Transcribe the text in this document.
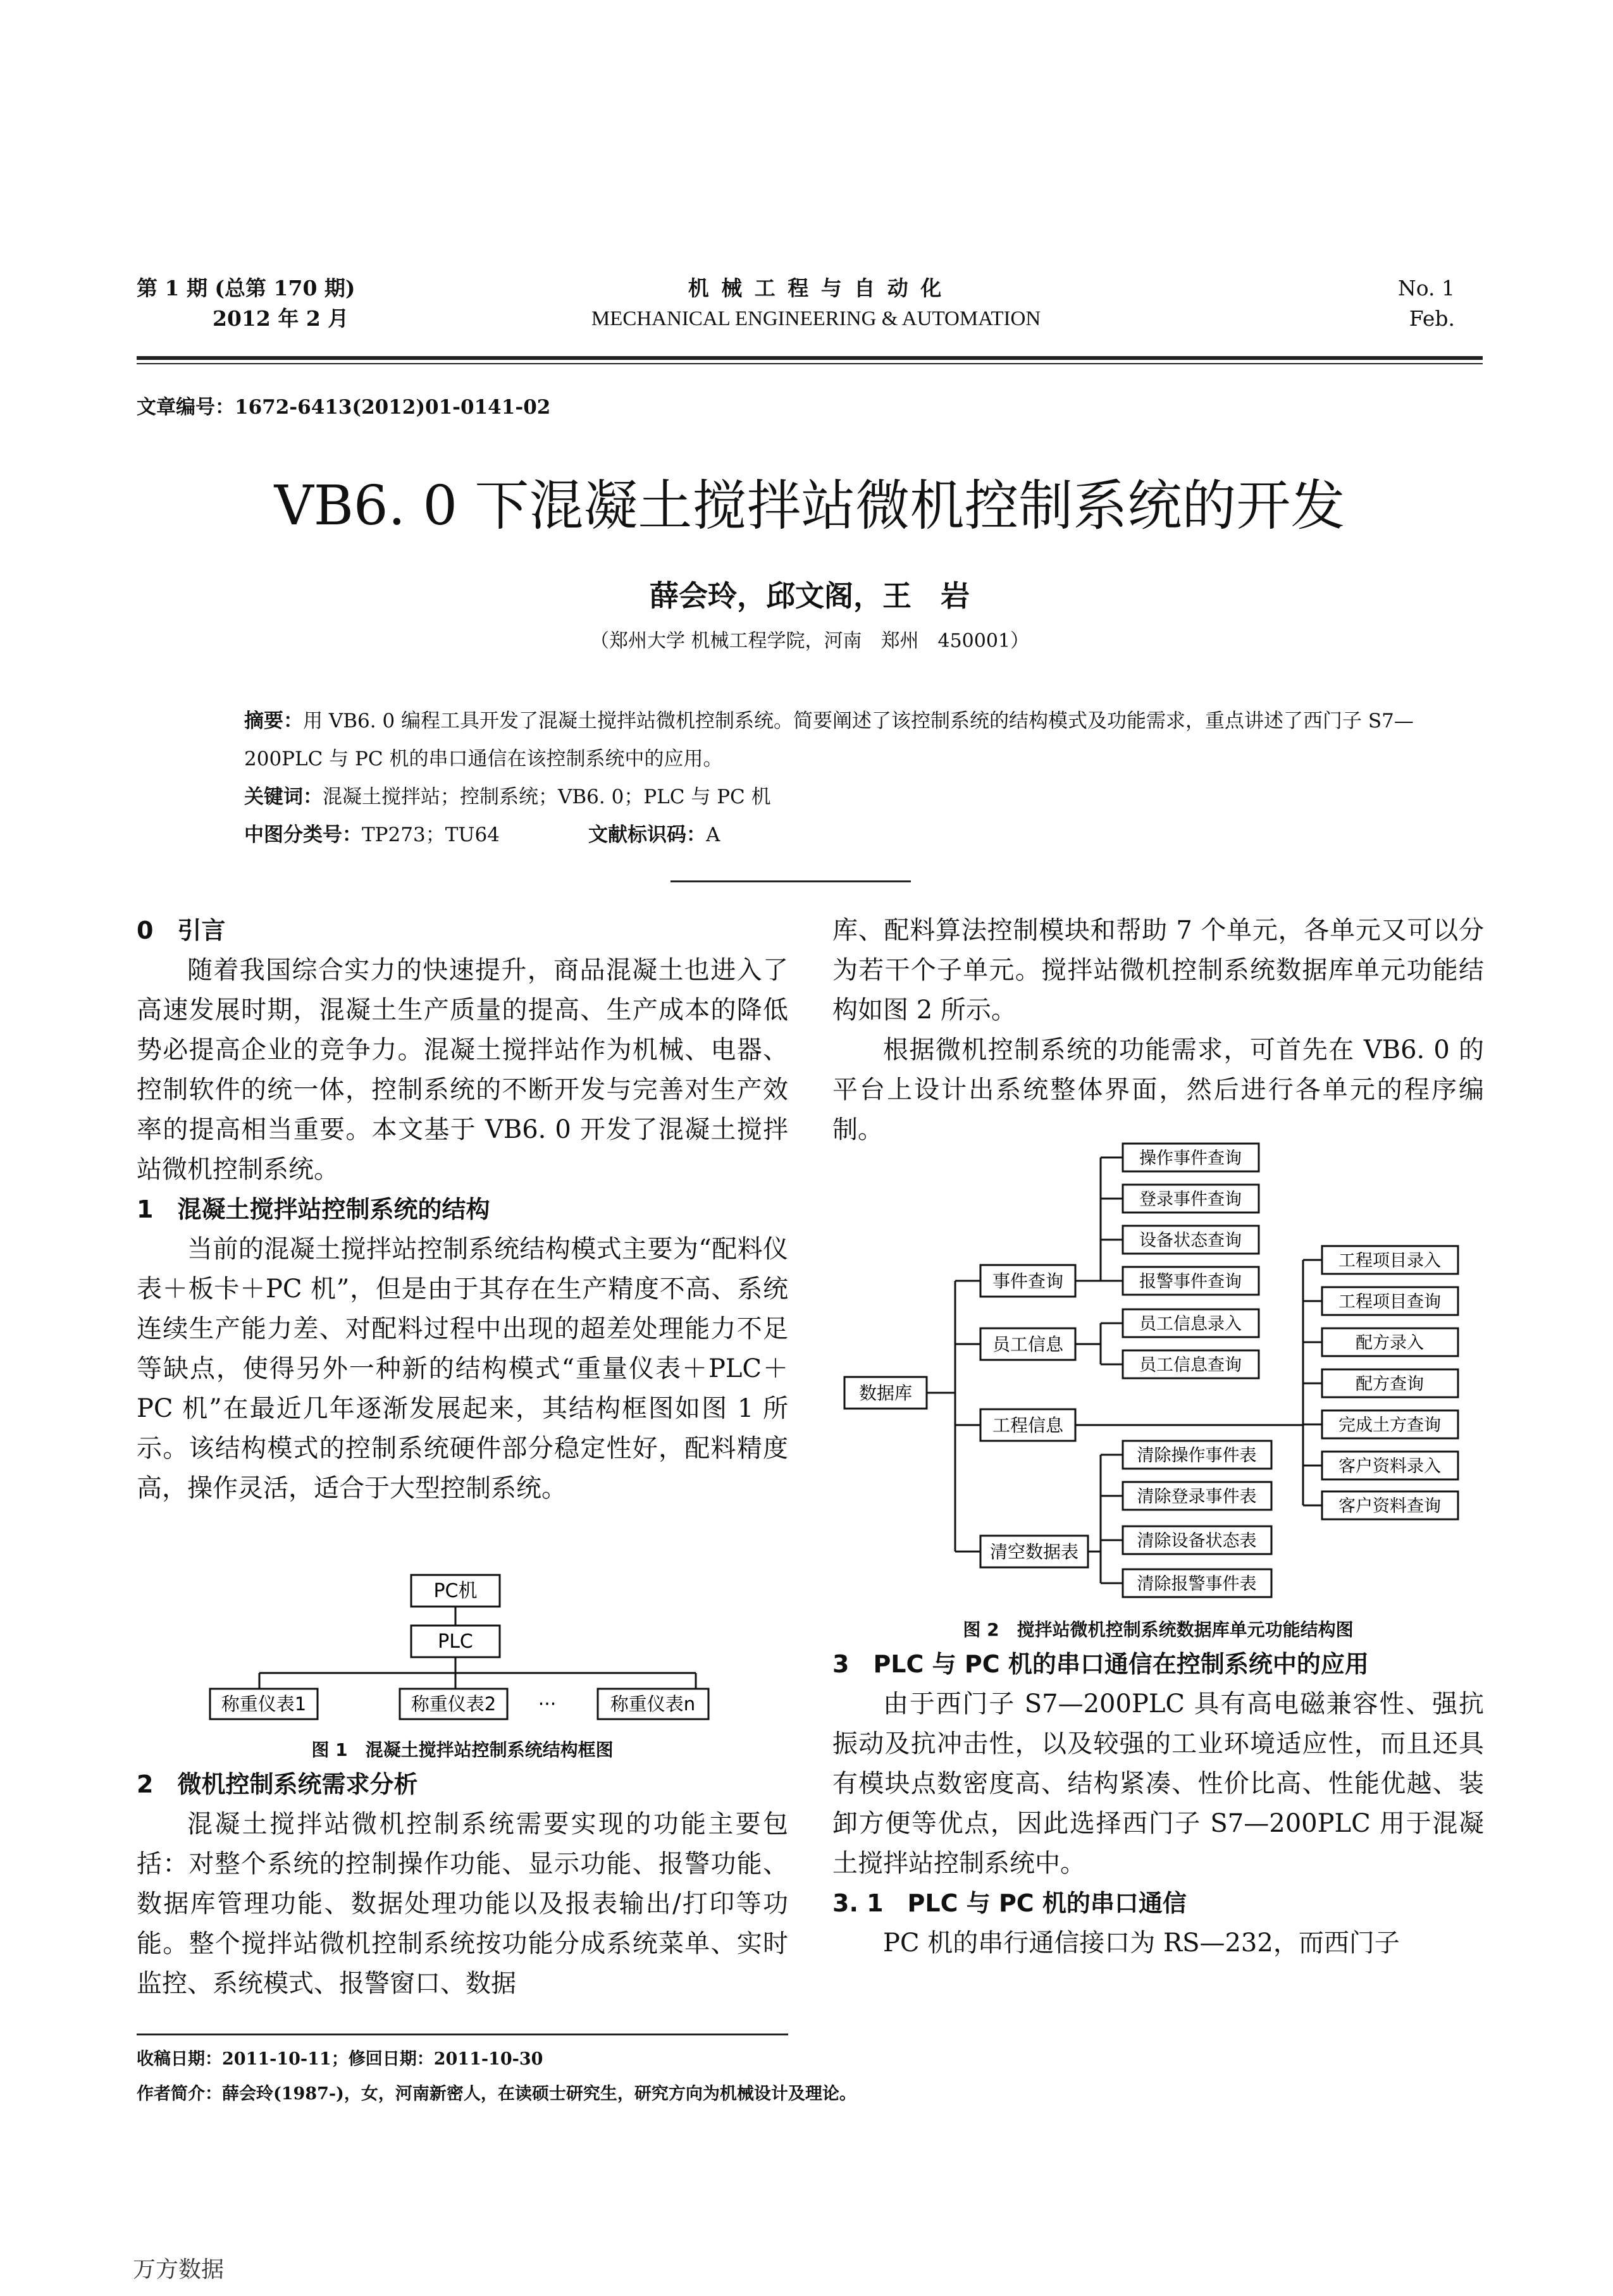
第 1 期 (总第 170 期)
2012 年 2 月
机 械 工 程 与 自 动 化
MECHANICAL ENGINEERING & AUTOMATION
No. 1
Feb.
文章编号：1672-6413(2012)01-0141-02
VB6. 0 下混凝土搅拌站微机控制系统的开发
薛会玲，邱文阁，王　岩
（郑州大学 机械工程学院，河南　郑州　450001）
摘要：用 VB6. 0 编程工具开发了混凝土搅拌站微机控制系统。简要阐述了该控制系统的结构模式及功能需求，重点讲述了西门子 S7—200PLC 与 PC 机的串口通信在该控制系统中的应用。
关键词：混凝土搅拌站；控制系统；VB6. 0；PLC 与 PC 机
中图分类号：TP273；TU64	文献标识码：A
0　引言

随着我国综合实力的快速提升，商品混凝土也进入了高速发展时期，混凝土生产质量的提高、生产成本的降低势必提高企业的竞争力。混凝土搅拌站作为机械、电器、控制软件的统一体，控制系统的不断开发与完善对生产效率的提高相当重要。本文基于 VB6. 0 开发了混凝土搅拌站微机控制系统。

1　混凝土搅拌站控制系统的结构

当前的混凝土搅拌站控制系统结构模式主要为“配料仪表＋板卡＋PC 机”，但是由于其存在生产精度不高、系统连续生产能力差、对配料过程中出现的超差处理能力不足等缺点，使得另外一种新的结构模式“重量仪表＋PLC＋PC 机”在最近几年逐渐发展起来，其结构框图如图 1 所示。该结构模式的控制系统硬件部分稳定性好，配料精度高，操作灵活，适合于大型控制系统。

PC机
PLC
称重仪表1	称重仪表2 ···	称重仪表n
图 1　混凝土搅拌站控制系统结构框图
2　微机控制系统需求分析

混凝土搅拌站微机控制系统需要实现的功能主要包括：对整个系统的控制操作功能、显示功能、报警功能、数据库管理功能、数据处理功能以及报表输出/打印等功能。整个搅拌站微机控制系统按功能分成系统菜单、实时监控、系统模式、报警窗口、数据

库、配料算法控制模块和帮助 7 个单元，各单元又可以分为若干个子单元。搅拌站微机控制系统数据库单元功能结构如图 2 所示。

根据微机控制系统的功能需求，可首先在 VB6. 0 的平台上设计出系统整体界面，然后进行各单元的程序编制。

数据库
事件查询
操作事件查询
登录事件查询
设备状态查询
报警事件查询
员工信息
员工信息录入
员工信息查询
工程信息
工程项目录入
工程项目查询
配方录入
配方查询
完成土方查询
客户资料录入
客户资料查询
清空数据表
清除操作事件表
清除登录事件表
清除设备状态表
清除报警事件表
图 2　搅拌站微机控制系统数据库单元功能结构图
3　PLC 与 PC 机的串口通信在控制系统中的应用

由于西门子 S7—200PLC 具有高电磁兼容性、强抗振动及抗冲击性，以及较强的工业环境适应性，而且还具有模块点数密度高、结构紧凑、性价比高、性能优越、装卸方便等优点，因此选择西门子 S7—200PLC 用于混凝土搅拌站控制系统中。

3. 1　PLC 与 PC 机的串口通信

PC 机的串行通信接口为 RS—232，而西门子

收稿日期：2011-10-11；修回日期：2011-10-30
作者简介：薛会玲(1987-)，女，河南新密人，在读硕士研究生，研究方向为机械设计及理论。
万方数据
